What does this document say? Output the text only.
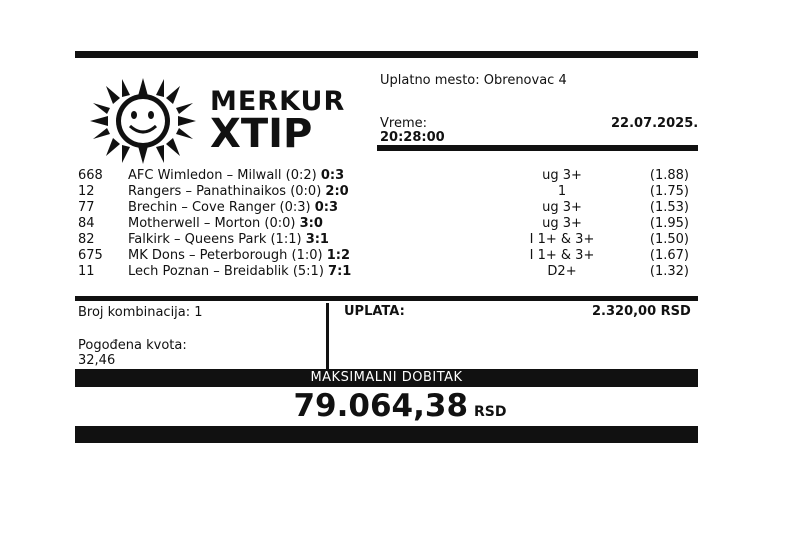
MERKUR
XTIP
Uplatno mesto: Obrenovac 4
Vreme:
20:28:00
22.07.2025.
668 AFC Wimledon – Milwall (0:2) 0:3	ug 3+	(1.88)
12	Rangers – Panathinaikos (0:0) 2:0	1	(1.75)
77	Brechin – Cove Ranger (0:3) 0:3	ug 3+	(1.53)
84	Motherwell – Morton (0:0) 3:0	ug 3+	(1.95)
82	Falkirk – Queens Park (1:1) 3:1	I 1+ & 3+	(1.50)
675 MK Dons – Peterborough (1:0) 1:2	I 1+ & 3+	(1.67)
11	Lech Poznan – Breidablik (5:1) 7:1	D2+	(1.32)
Broj kombinacija: 1
Pogođena kvota:
32,46
UPLATA:	2.320,00 RSD
MAKSIMALNI DOBITAK
79.064,38 RSD
